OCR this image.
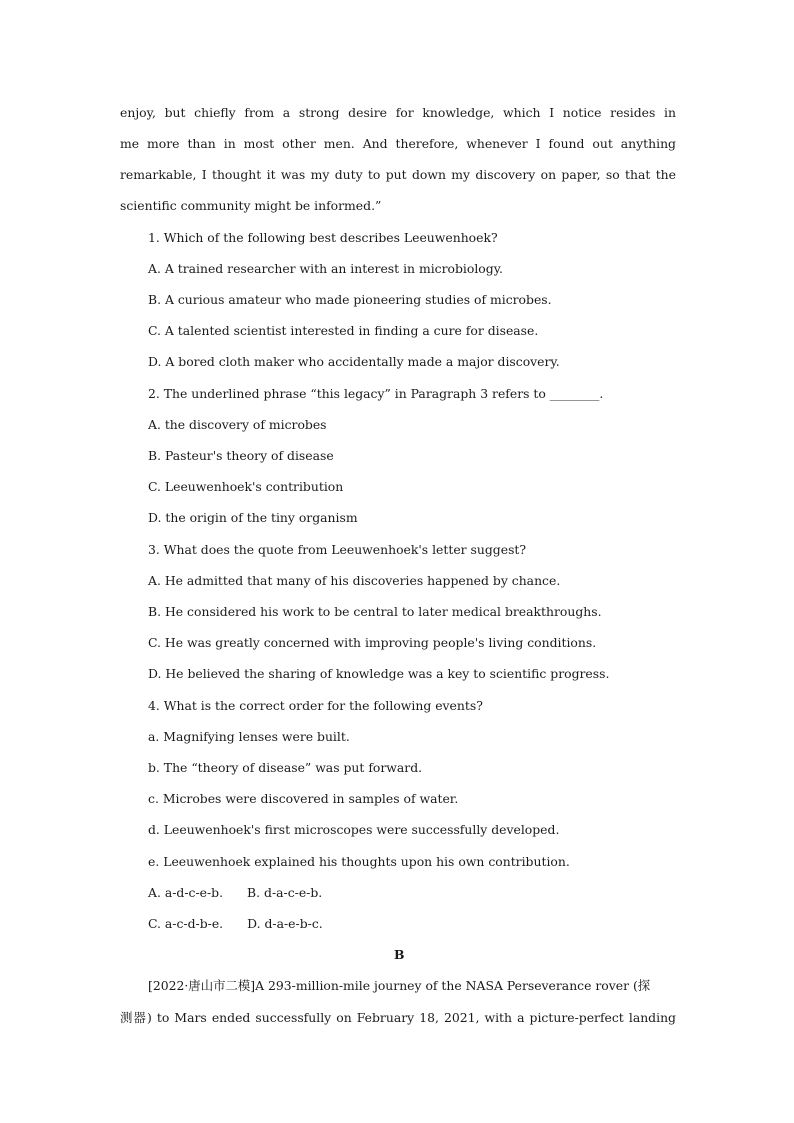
enjoy, but chiefly from a strong desire for knowledge, which I notice resides in
me more than in most other men. And therefore, whenever I found out anything
remarkable, I thought it was my duty to put down my discovery on paper, so that the
scientific community might be informed.”
1. Which of the following best describes Leeuwenhoek?
A. A trained researcher with an interest in microbiology.
B. A curious amateur who made pioneering studies of microbes.
C. A talented scientist interested in finding a cure for disease.
D. A bored cloth maker who accidentally made a major discovery.
2. The underlined phrase “this legacy” in Paragraph 3 refers to ________.
A. the discovery of microbes
B. Pasteur's theory of disease
C. Leeuwenhoek's contribution
D. the origin of the tiny organism
3. What does the quote from Leeuwenhoek's letter suggest?
A. He admitted that many of his discoveries happened by chance.
B. He considered his work to be central to later medical breakthroughs.
C. He was greatly concerned with improving people's living conditions.
D. He believed the sharing of knowledge was a key to scientific progress.
4. What is the correct order for the following events?
a. Magnifying lenses were built.
b. The “theory of disease” was put forward.
c. Microbes were discovered in samples of water.
d. Leeuwenhoek's first microscopes were successfully developed.
e. Leeuwenhoek explained his thoughts upon his own contribution.
A. a-d-c-e-b. B. d-a-c-e-b.
C. a-c-d-b-e. D. d-a-e-b-c.
B
[2022·唐山市二模]A 293-million-mile journey of the NASA Perseverance rover (探
测器) to Mars ended successfully on February 18, 2021, with a picture-perfect landing
